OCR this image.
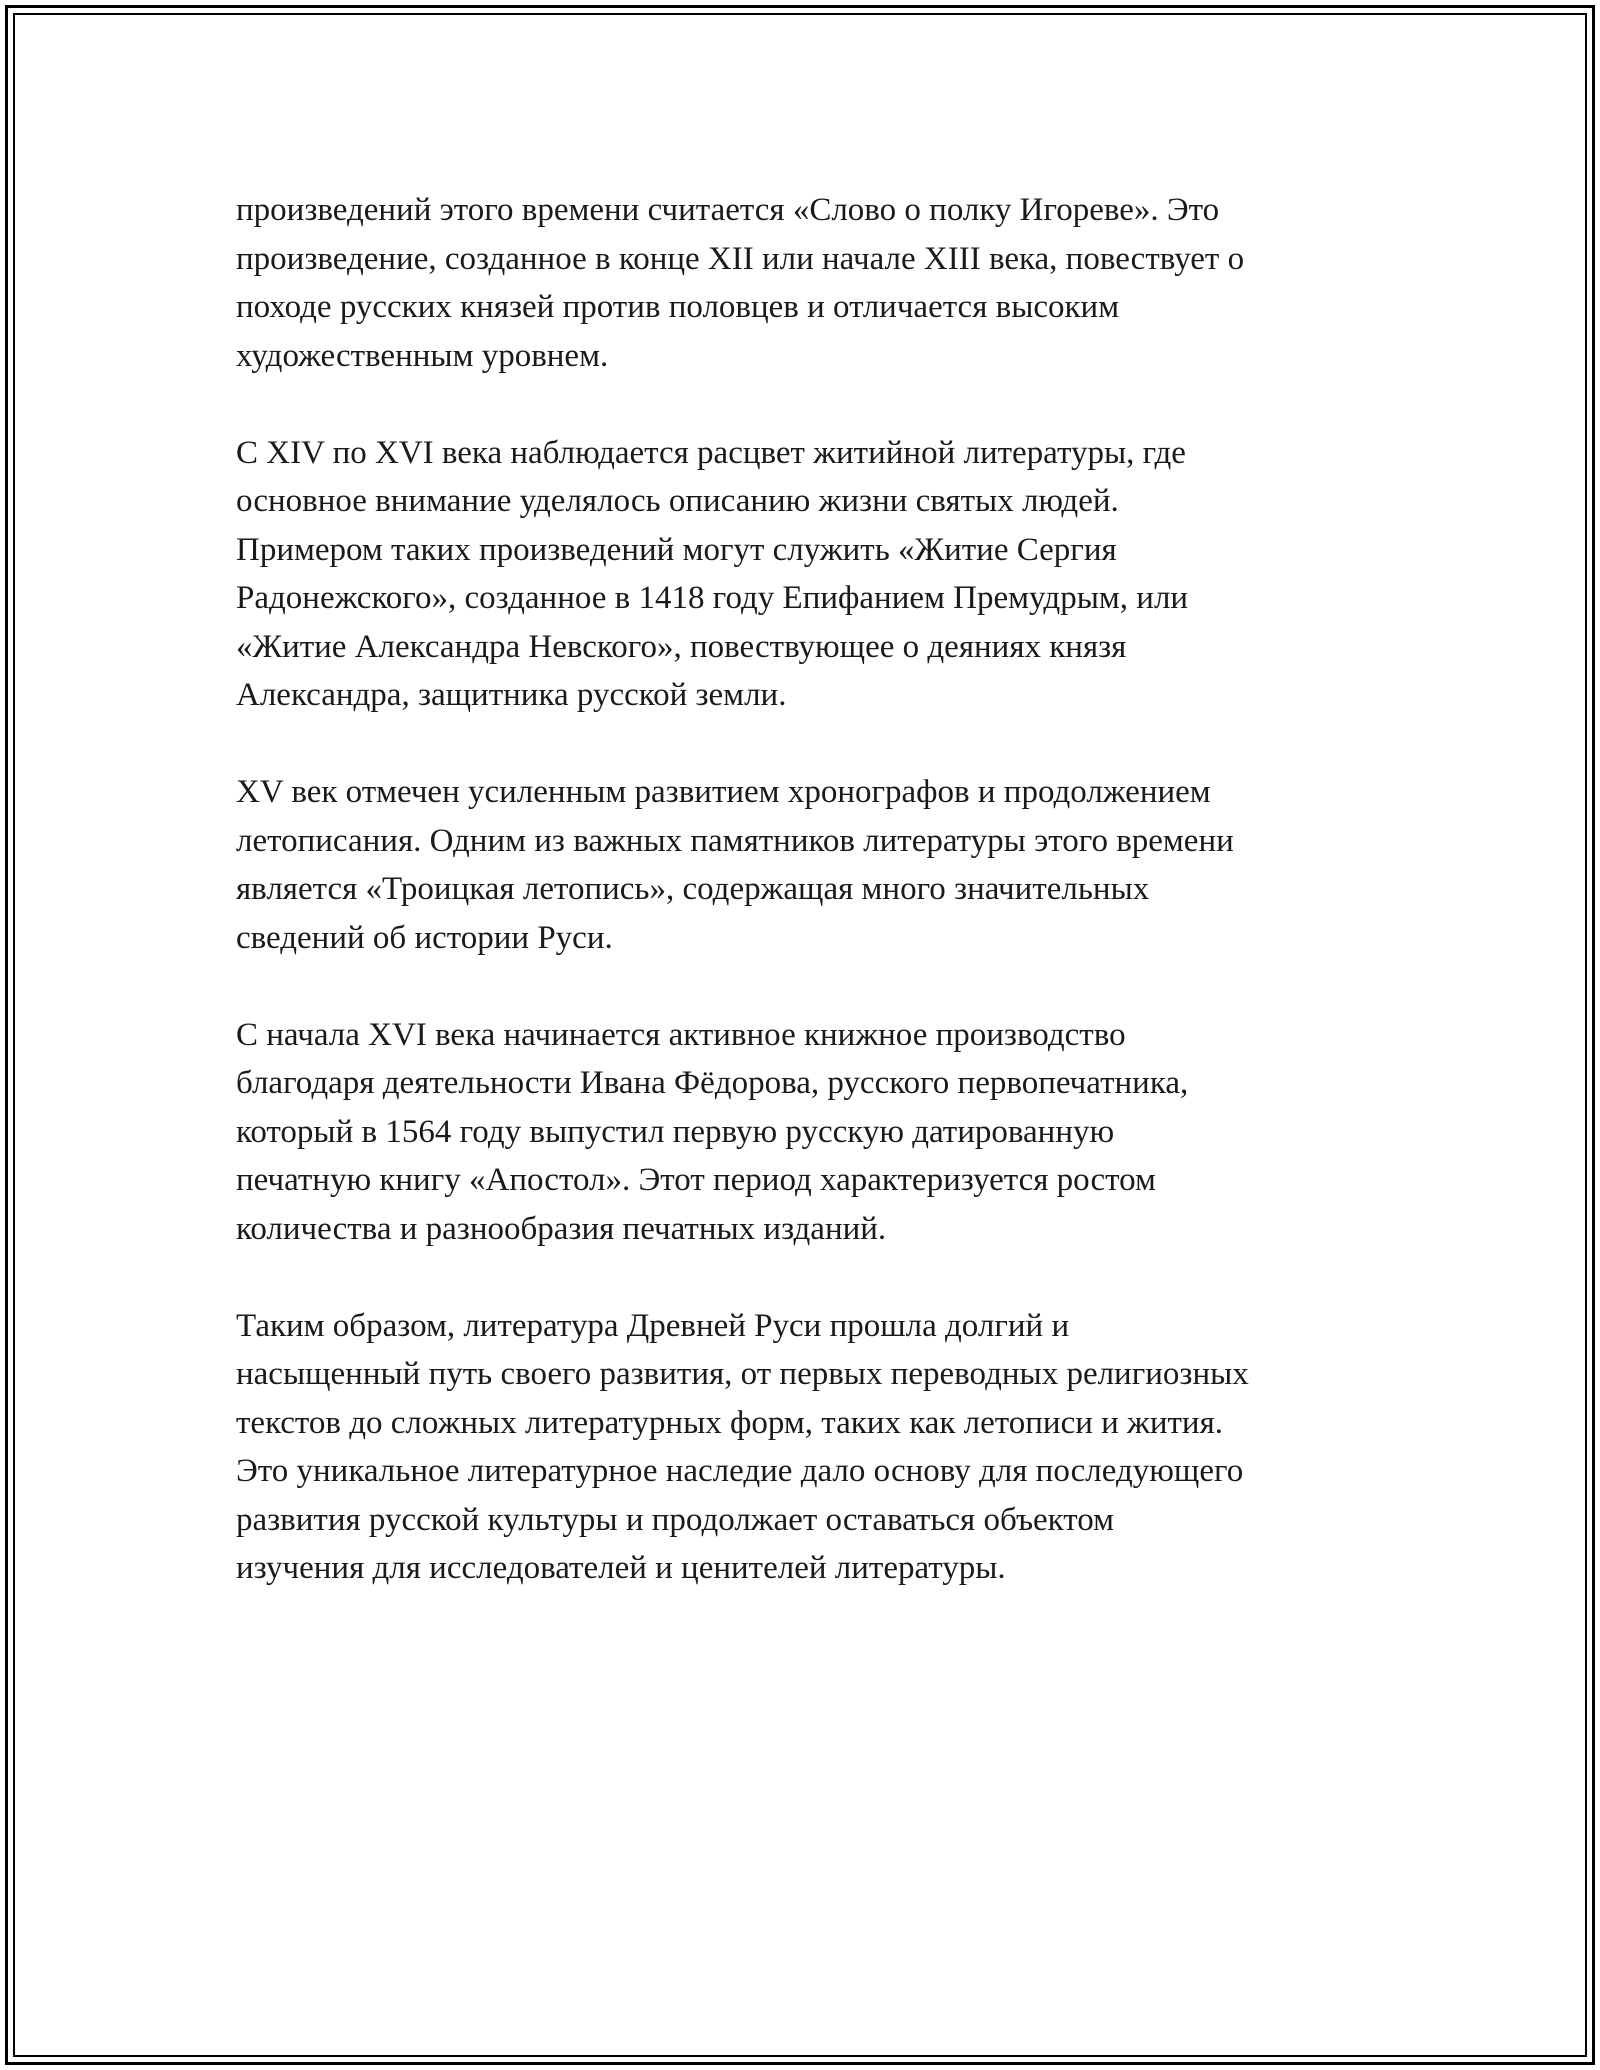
произведений этого времени считается «Слово о полку Игореве». Это
произведение, созданное в конце XII или начале XIII века, повествует о
походе русских князей против половцев и отличается высоким
художественным уровнем.

С XIV по XVI века наблюдается расцвет житийной литературы, где
основное внимание уделялось описанию жизни святых людей.
Примером таких произведений могут служить «Житие Сергия
Радонежского», созданное в 1418 году Епифанием Премудрым, или
«Житие Александра Невского», повествующее о деяниях князя
Александра, защитника русской земли.

XV век отмечен усиленным развитием хронографов и продолжением
летописания. Одним из важных памятников литературы этого времени
является «Троицкая летопись», содержащая много значительных
сведений об истории Руси.

С начала XVI века начинается активное книжное производство
благодаря деятельности Ивана Фёдорова, русского первопечатника,
который в 1564 году выпустил первую русскую датированную
печатную книгу «Апостол». Этот период характеризуется ростом
количества и разнообразия печатных изданий.

Таким образом, литература Древней Руси прошла долгий и
насыщенный путь своего развития, от первых переводных религиозных
текстов до сложных литературных форм, таких как летописи и жития.
Это уникальное литературное наследие дало основу для последующего
развития русской культуры и продолжает оставаться объектом
изучения для исследователей и ценителей литературы.
